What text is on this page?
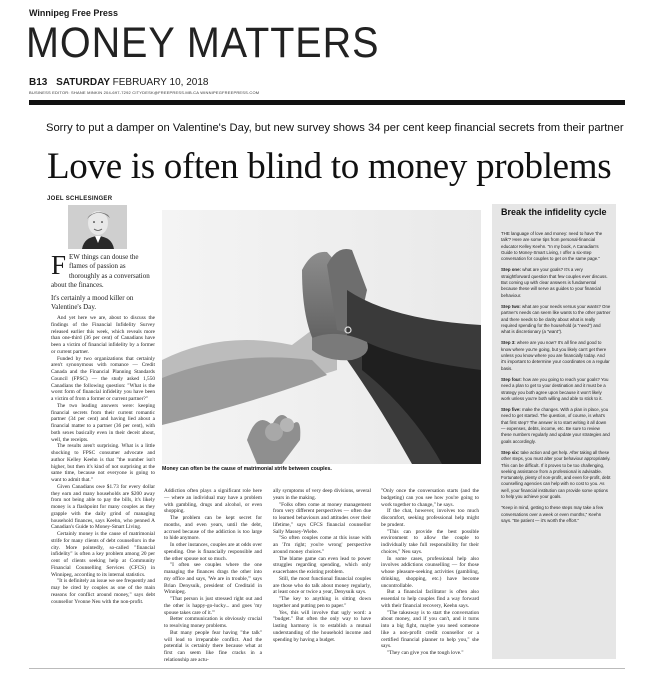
Winnipeg Free Press
MONEY MATTERS
B13 SATURDAY FEBRUARY 10, 2018
BUSINESS EDITOR: SHANE MINKIN 204-697-7292 CITYDESK@FREEPRESS.MB.CA WINNIPEGFREEPRESS.COM
Sorry to put a damper on Valentine's Day, but new survey shows 34 per cent keep financial secrets from their partner
Love is often blind to money problems
JOEL SCHLESINGER
FEW things can douse the flames of passion as thoroughly as a conversation about the finances.
It's certainly a mood killer on Valentine's Day.

And yet here we are, about to discuss the findings of the Financial Infidelity Survey released earlier this week, which reveals more than one-third (36 per cent) of Canadians have been a victim of financial infidelity by a former or current partner.

Funded by two organizations that certainly aren't synonymous with romance — Credit Canada and the Financial Planning Standards Council (FPSC) — the study asked 1,550 Canadians the following question: "What is the worst form of financial infidelity you have been a victim of from a former or current partner?"

The two leading answers were: keeping financial secrets from their current romantic partner (34 per cent) and having lied about a financial matter to a partner (36 per cent), with both sexes basically even in their deceit about, well, the receipts.

The results aren't surprising. What is a little shocking to FPSC consumer advocate and author Kelley Keehn is that "the number isn't higher, but then it's kind of not surprising at the same time, because not everyone is going to want to admit that."

Given Canadians owe $1.73 for every dollar they earn and many households are $200 away from not being able to pay the bills, it's likely money is a flashpoint for many couples as they grapple with the daily grind of managing household finances, says Keehn, who penned A Canadian's Guide to Money-Smart Living.

Certainly money is the cause of matrimonial strife for many clients of debt counsellors in the city. More pointedly, so-called "financial infidelity" is often a key problem among 20 per cent of clients seeking help at Community Financial Counselling Services (CFCS) in Winnipeg, according to its internal statistics.

"It is definitely an issue we see frequently and may be cited by couples as one of the main reasons for conflict around money," says debt counsellor Yvonne Neu with the non-profit.

Money can often be the cause of matrimonial strife between couples.

Addiction often plays a significant role here — where an individual may have a problem with gambling, drugs and alcohol, or even shopping.

The problem can be kept secret for months, and even years, until the debt, accrued because of the addiction is too large to hide anymore.

In other instances, couples are at odds over spending. One is financially responsible and the other spouse not so much.

"I often see couples where the one managing the finances drags the other into my office and says, 'We are in trouble,'" says Brian Denysuik, president of Creditaid in Winnipeg.

"That person is just stressed right out and the other is happy-go-lucky... and goes 'my spouse takes care of it.'"

Better communication is obviously crucial to resolving money problems.

But many people fear having "the talk" will lead to irreparable conflict. And the potential is certainly there because what at first can seem like fine cracks in a relationship are actu-

ally symptoms of very deep divisions, several years in the making.

"Folks often come at money management from very different perspectives — often due to learned behaviours and attitudes over their lifetime," says CFCS financial counsellor Sally Massey-Wiebe.

"So often couples come at this issue with an 'I'm right; you're wrong' perspective around money choices."

The blame game can even lead to power struggles regarding spending, which only exacerbates the existing problem.

Still, the most functional financial couples are those who do talk about money regularly, at least once or twice a year, Denysuik says.

"The key to anything is sitting down together and putting pen to paper."

Yes, this will involve that ugly word: a "budget." But often the only way to have lasting harmony is to establish a mutual understanding of the household income and spending by having a budget.

"Only once the conversation starts (and the budgeting) can you see how you're going to work together to change," he says.

If the chat, however, involves too much discomfort, seeking professional help might be prudent.

"This can provide the best possible environment to allow the couple to individually take full responsibility for their choices," Neu says.

In some cases, professional help also involves addictions counselling — for those whose pleasure-seeking activities (gambling, drinking, shopping, etc.) have become uncontrollable.

But a financial facilitator is often also essential to help couples find a way forward with their financial recovery, Keehn says.

"The takeaway is to start the conversation about money, and if you can't, and it turns into a big fight, maybe you need someone like a non-profit credit counsellor or a certified financial planner to help you," she says.

"They can give you the tough love."

Break the infidelity cycle

THE language of love and money: need to have 'the talk'? Here are some tips from personal-financial educator Kelley Keehn. "In my book, A Canadian's Guide to Money-Smart Living, I offer a six-step conversation for couples to get on the same page."

Step one: what are your goals? It's a very straightforward question that few couples ever discuss. But coming up with clear answers is fundamental because these will serve as guides to your financial behaviour.

Step two: what are your needs versus your wants? One partner's needs can seem like wants to the other partner and there needs to be clarity about what is really required spending for the household (a "need") and what is discretionary (a "want").

Step 3: where are you now? It's all fine and good to know where you're going, but you likely can't get there unless you know where you are financially today. And it's important to determine your coordinates on a regular basis.

Step four: how are you going to reach your goals? You need a plan to get to your destination and it must be a strategy you both agree upon because it won't likely work unless you're both willing and able to stick to it.

Step five: make the changes. With a plan in place, you need to get started. The question, of course, is what's that first step? The answer is to start writing it all down — expenses, debts, income, etc. Be sure to review these numbers regularly and update your strategies and goals accordingly.

Step six: take action and get help. After taking all these other steps, you must alter your behaviour appropriately. This can be difficult. If it proves to be too challenging, seeking assistance from a professional is advisable. Fortunately, plenty of non-profit, and even for-profit, debt counselling agencies can help with no cost to you. As well, your financial institution can provide some options to help you achieve your goals.

"Keep in mind, getting to these steps may take a few conversations over a week or even months," Keehn says. "Be patient — it's worth the effort."
